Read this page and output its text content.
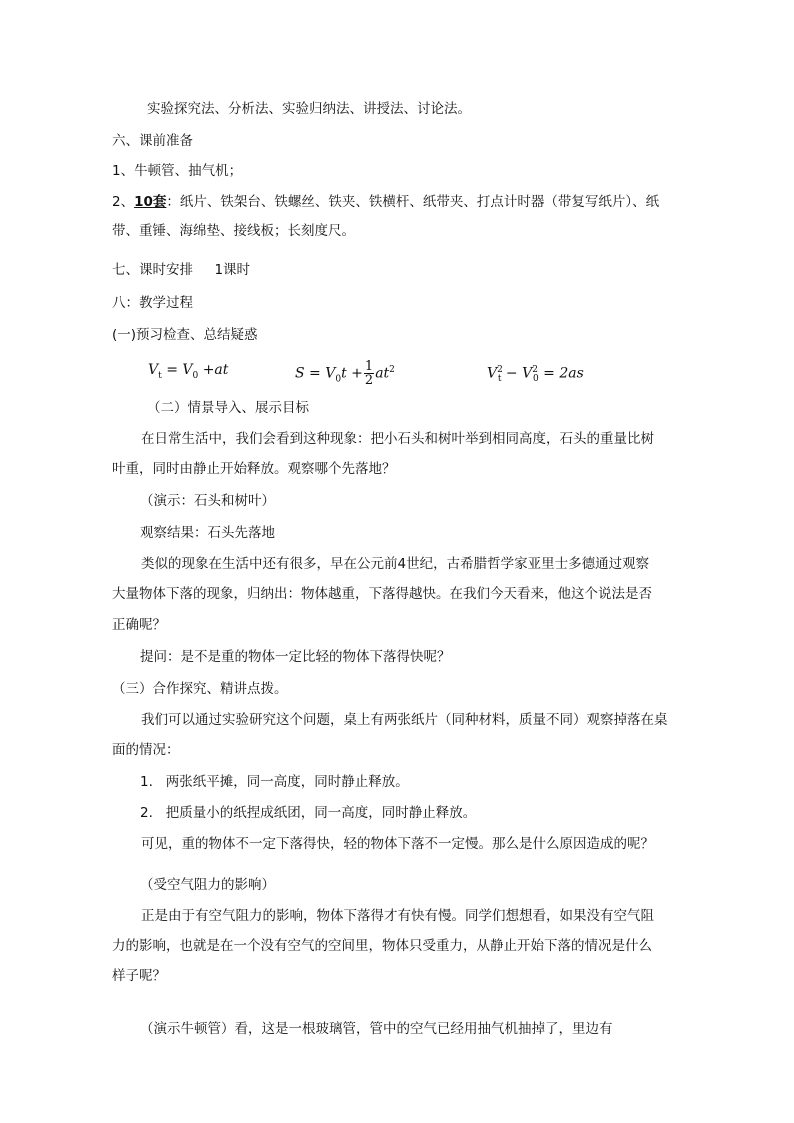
实验探究法、分析法、实验归纳法、讲授法、讨论法。
六、课前准备
1、牛顿管、抽气机；
2、10套：纸片、铁架台、铁螺丝、铁夹、铁横杆、纸带夹、打点计时器（带复写纸片）、纸
带、重锤、海绵垫、接线板；长刻度尺。
七、课时安排     1课时
八：教学过程
(一)预习检查、总结疑惑
$V_t = V_0 +at$	$S = V_0t + \frac{1}{2} at^2$	$V^2_t - V^2_0 = 2as$
（二）情景导入、展示目标
在日常生活中，我们会看到这种现象：把小石头和树叶举到相同高度，石头的重量比树
叶重，同时由静止开始释放。观察哪个先落地？
（演示：石头和树叶）
观察结果：石头先落地
类似的现象在生活中还有很多，早在公元前4世纪，古希腊哲学家亚里士多德通过观察
大量物体下落的现象，归纳出：物体越重，下落得越快。在我们今天看来，他这个说法是否
正确呢？
提问：是不是重的物体一定比轻的物体下落得快呢？
（三）合作探究、精讲点拨。
我们可以通过实验研究这个问题，桌上有两张纸片（同种材料，质量不同）观察掉落在桌
面的情况：
1.   两张纸平摊，同一高度，同时静止释放。
2.   把质量小的纸捏成纸团，同一高度，同时静止释放。
可见，重的物体不一定下落得快，轻的物体下落不一定慢。那么是什么原因造成的呢？
（受空气阻力的影响）
正是由于有空气阻力的影响，物体下落得才有快有慢。同学们想想看，如果没有空气阻
力的影响，也就是在一个没有空气的空间里，物体只受重力，从静止开始下落的情况是什么
样子呢？
（演示牛顿管）看，这是一根玻璃管，管中的空气已经用抽气机抽掉了，里边有
